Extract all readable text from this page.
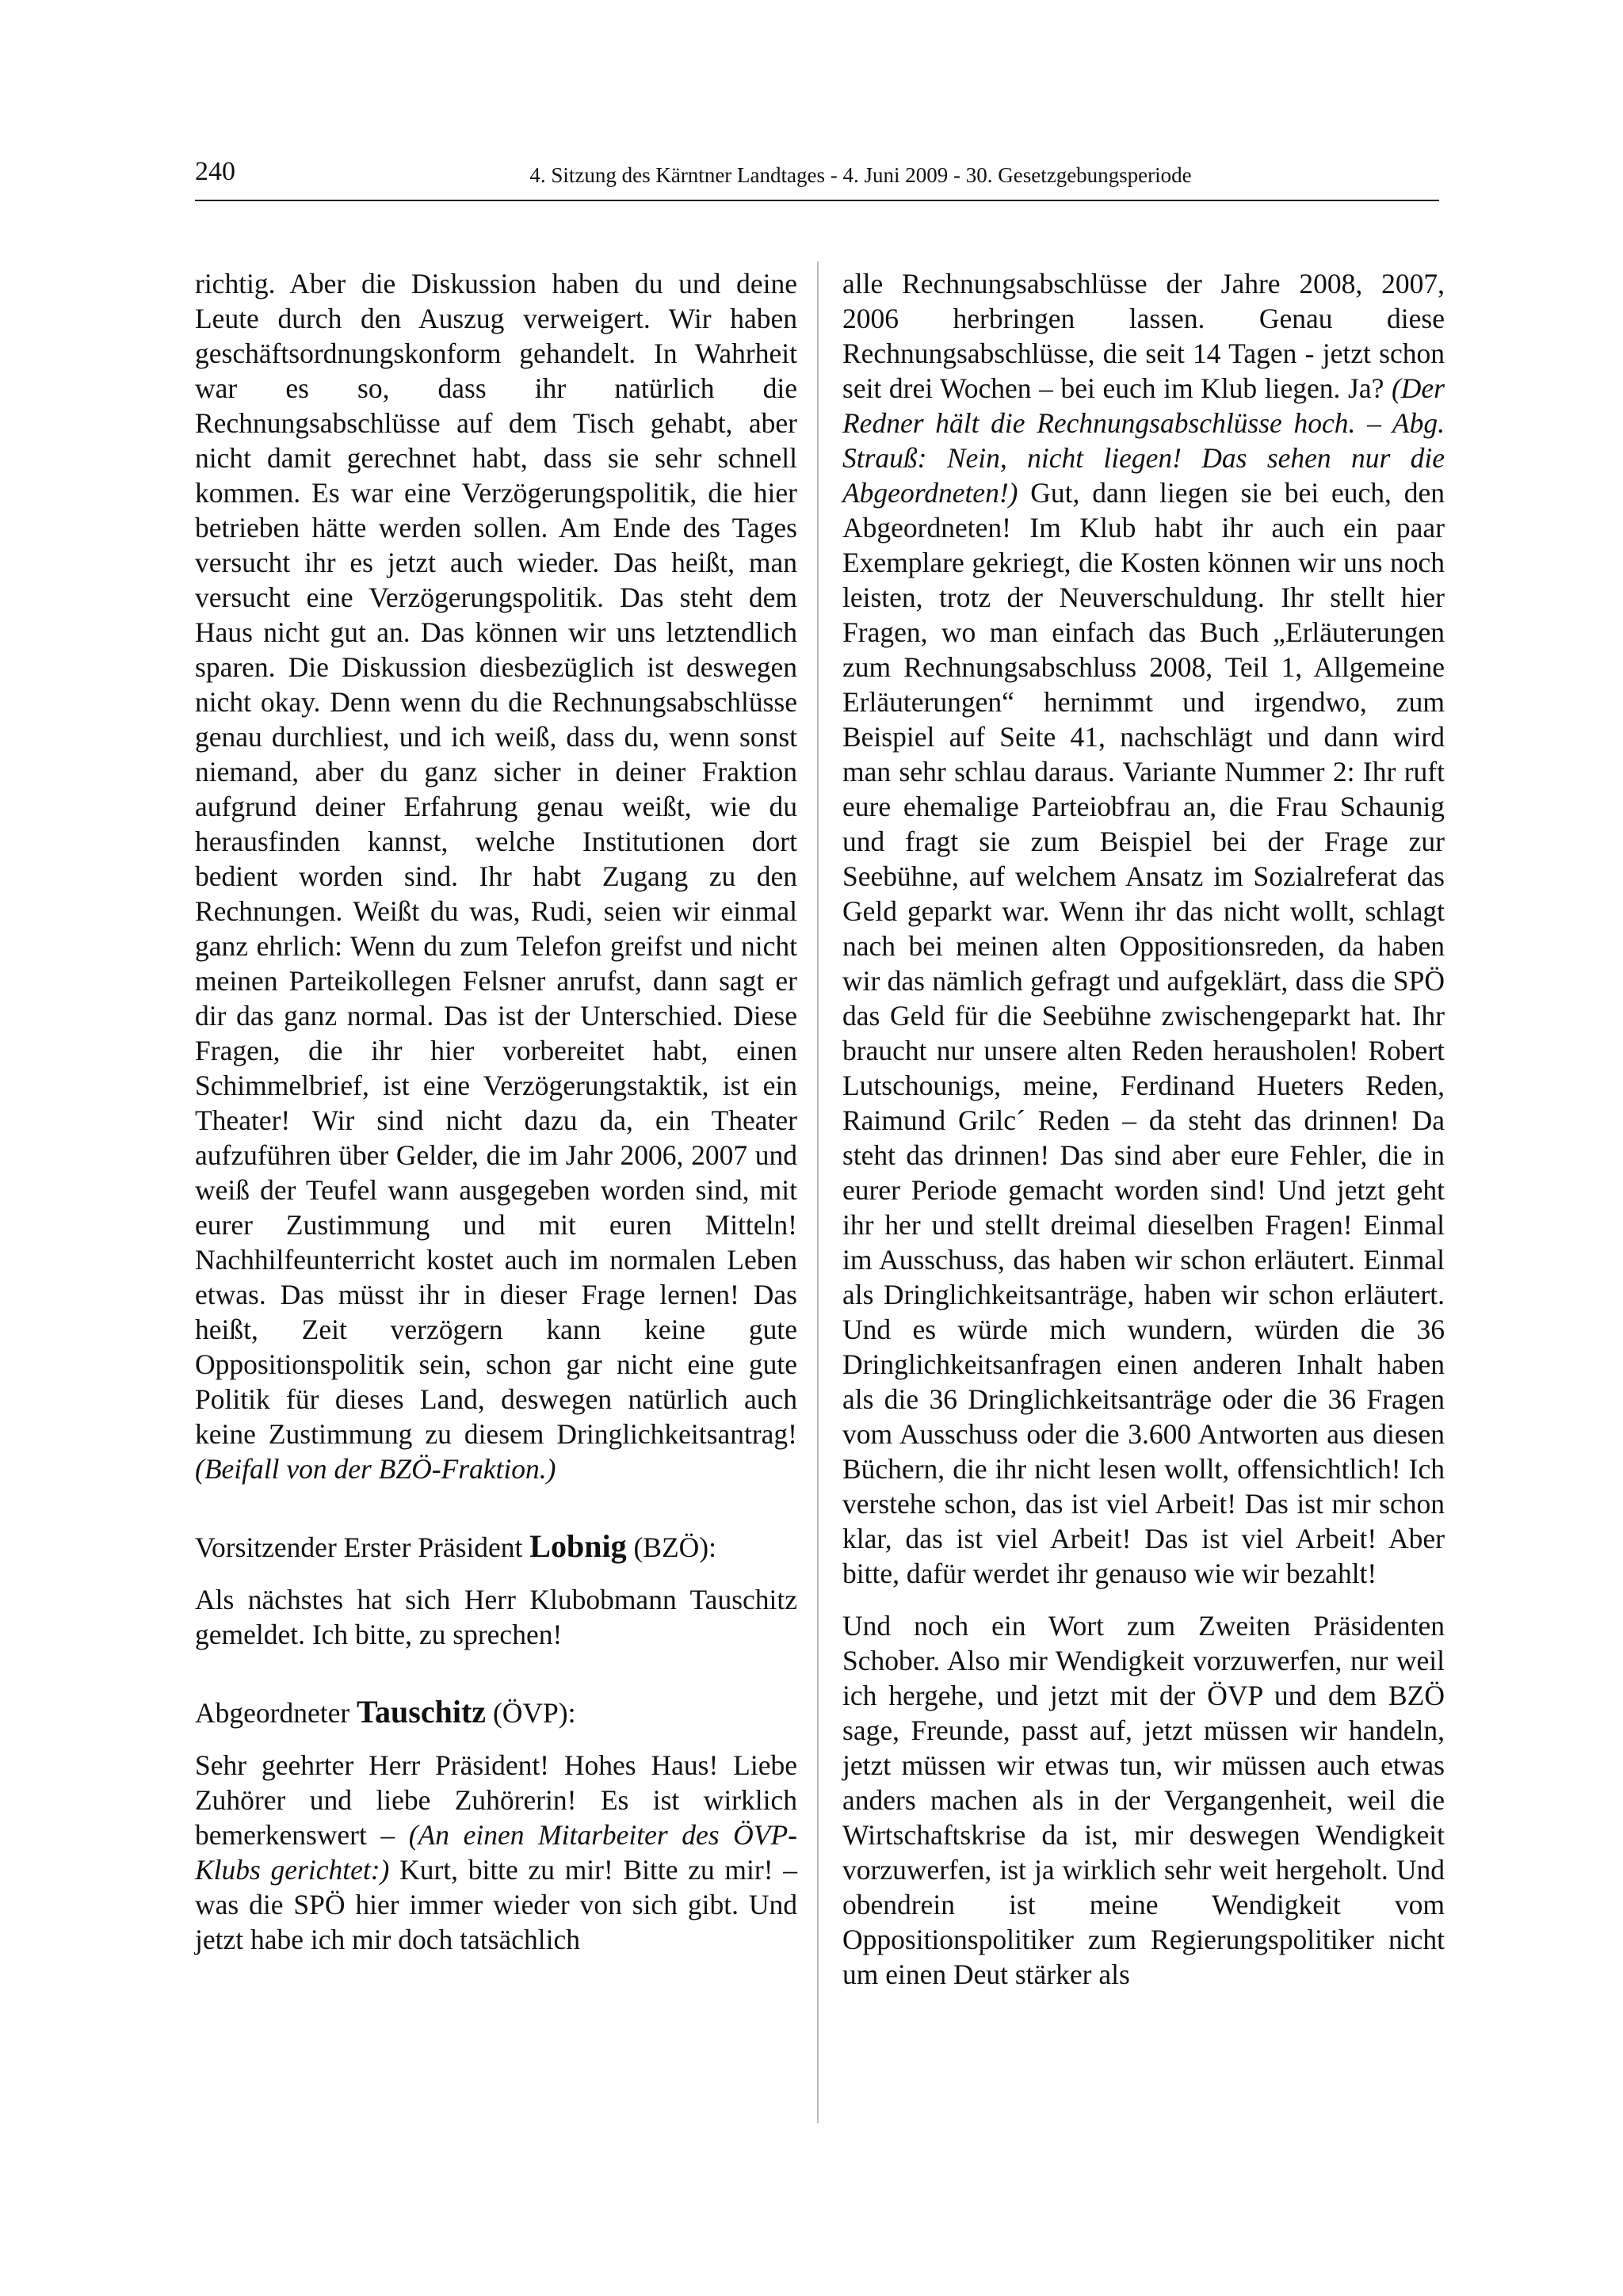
240	4. Sitzung des Kärntner Landtages - 4. Juni 2009 - 30. Gesetzgebungsperiode

richtig. Aber die Diskussion haben du und deine Leute durch den Auszug verweigert. Wir haben geschäftsordnungskonform gehandelt. In Wahrheit war es so, dass ihr natürlich die Rechnungsabschlüsse auf dem Tisch gehabt, aber nicht damit gerechnet habt, dass sie sehr schnell kommen. Es war eine Verzögerungspolitik, die hier betrieben hätte werden sollen. Am Ende des Tages versucht ihr es jetzt auch wieder. Das heißt, man versucht eine Verzögerungspolitik. Das steht dem Haus nicht gut an. Das können wir uns letztendlich sparen. Die Diskussion diesbezüglich ist deswegen nicht okay. Denn wenn du die Rechnungsabschlüsse genau durchliest, und ich weiß, dass du, wenn sonst niemand, aber du ganz sicher in deiner Fraktion aufgrund deiner Erfahrung genau weißt, wie du herausfinden kannst, welche Institutionen dort bedient worden sind. Ihr habt Zugang zu den Rechnungen. Weißt du was, Rudi, seien wir einmal ganz ehrlich: Wenn du zum Telefon greifst und nicht meinen Parteikollegen Felsner anrufst, dann sagt er dir das ganz normal. Das ist der Unterschied. Diese Fragen, die ihr hier vorbereitet habt, einen Schimmelbrief, ist eine Verzögerungstaktik, ist ein Theater! Wir sind nicht dazu da, ein Theater aufzuführen über Gelder, die im Jahr 2006, 2007 und weiß der Teufel wann ausgegeben worden sind, mit eurer Zustimmung und mit euren Mitteln! Nachhilfeunterricht kostet auch im normalen Leben etwas. Das müsst ihr in dieser Frage lernen! Das heißt, Zeit verzögern kann keine gute Oppositionspolitik sein, schon gar nicht eine gute Politik für dieses Land, deswegen natürlich auch keine Zustimmung zu diesem Dringlichkeitsantrag! (Beifall von der BZÖ-Fraktion.)

Vorsitzender Erster Präsident Lobnig (BZÖ):

Als nächstes hat sich Herr Klubobmann Tauschitz gemeldet. Ich bitte, zu sprechen!

Abgeordneter Tauschitz (ÖVP):

Sehr geehrter Herr Präsident! Hohes Haus! Liebe Zuhörer und liebe Zuhörerin! Es ist wirklich bemerkenswert – (An einen Mitarbeiter des ÖVP-Klubs gerichtet:) Kurt, bitte zu mir! Bitte zu mir! – was die SPÖ hier immer wieder von sich gibt. Und jetzt habe ich mir doch tatsächlich

alle Rechnungsabschlüsse der Jahre 2008, 2007, 2006 herbringen lassen. Genau diese Rechnungsabschlüsse, die seit 14 Tagen - jetzt schon seit drei Wochen – bei euch im Klub liegen. Ja? (Der Redner hält die Rechnungsabschlüsse hoch. – Abg. Strauß: Nein, nicht liegen! Das sehen nur die Abgeordneten!) Gut, dann liegen sie bei euch, den Abgeordneten! Im Klub habt ihr auch ein paar Exemplare gekriegt, die Kosten können wir uns noch leisten, trotz der Neuverschuldung. Ihr stellt hier Fragen, wo man einfach das Buch „Erläuterungen zum Rechnungsabschluss 2008, Teil 1, Allgemeine Erläuterungen“ hernimmt und irgendwo, zum Beispiel auf Seite 41, nachschlägt und dann wird man sehr schlau daraus. Variante Nummer 2: Ihr ruft eure ehemalige Parteiobfrau an, die Frau Schaunig und fragt sie zum Beispiel bei der Frage zur Seebühne, auf welchem Ansatz im Sozialreferat das Geld geparkt war. Wenn ihr das nicht wollt, schlagt nach bei meinen alten Oppositionsreden, da haben wir das nämlich gefragt und aufgeklärt, dass die SPÖ das Geld für die Seebühne zwischengeparkt hat. Ihr braucht nur unsere alten Reden herausholen! Robert Lutschounigs, meine, Ferdinand Hueters Reden, Raimund Grilc´ Reden – da steht das drinnen! Da steht das drinnen! Das sind aber eure Fehler, die in eurer Periode gemacht worden sind! Und jetzt geht ihr her und stellt dreimal dieselben Fragen! Einmal im Ausschuss, das haben wir schon erläutert. Einmal als Dringlichkeitsanträge, haben wir schon erläutert. Und es würde mich wundern, würden die 36 Dringlichkeitsanfragen einen anderen Inhalt haben als die 36 Dringlichkeitsanträge oder die 36 Fragen vom Ausschuss oder die 3.600 Antworten aus diesen Büchern, die ihr nicht lesen wollt, offensichtlich! Ich verstehe schon, das ist viel Arbeit! Das ist mir schon klar, das ist viel Arbeit! Das ist viel Arbeit! Aber bitte, dafür werdet ihr genauso wie wir bezahlt!

Und noch ein Wort zum Zweiten Präsidenten Schober. Also mir Wendigkeit vorzuwerfen, nur weil ich hergehe, und jetzt mit der ÖVP und dem BZÖ sage, Freunde, passt auf, jetzt müssen wir handeln, jetzt müssen wir etwas tun, wir müssen auch etwas anders machen als in der Vergangenheit, weil die Wirtschaftskrise da ist, mir deswegen Wendigkeit vorzuwerfen, ist ja wirklich sehr weit hergeholt. Und obendrein ist meine Wendigkeit vom Oppositionspolitiker zum Regierungspolitiker nicht um einen Deut stärker als
